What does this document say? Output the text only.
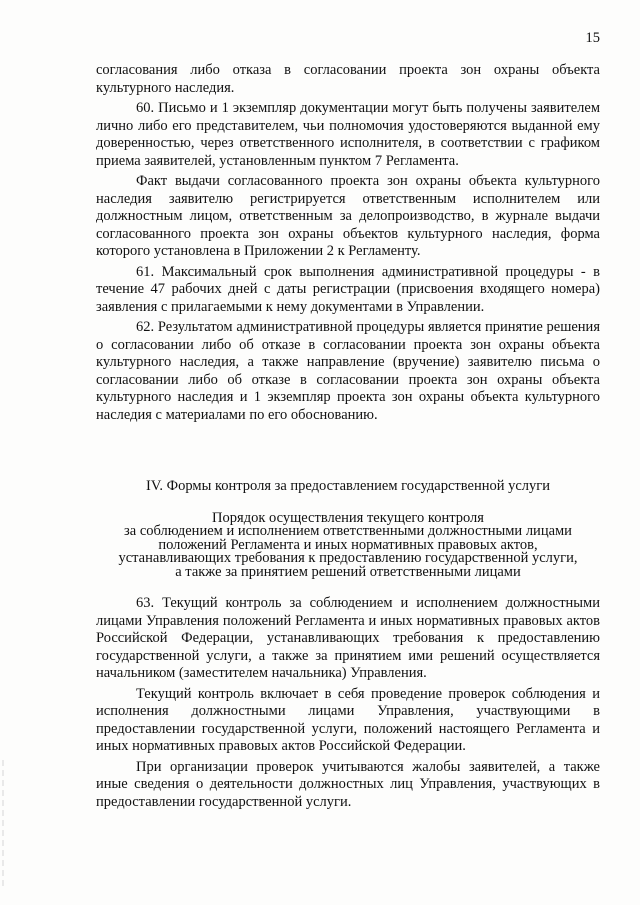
15

согласования либо отказа в согласовании проекта зон охраны объекта культурного наследия.

60. Письмо и 1 экземпляр документации могут быть получены заявителем лично либо его представителем, чьи полномочия удостоверяются выданной ему доверенностью, через ответственного исполнителя, в соответствии с графиком приема заявителей, установленным пунктом 7 Регламента.

Факт выдачи согласованного проекта зон охраны объекта культурного наследия заявителю регистрируется ответственным исполнителем или должностным лицом, ответственным за делопроизводство, в журнале выдачи согласованного проекта зон охраны объектов культурного наследия, форма которого установлена в Приложении 2 к Регламенту.

61. Максимальный срок выполнения административной процедуры - в течение 47 рабочих дней с даты регистрации (присвоения входящего номера) заявления с прилагаемыми к нему документами в Управлении.

62. Результатом административной процедуры является принятие решения о согласовании либо об отказе в согласовании проекта зон охраны объекта культурного наследия, а также направление (вручение) заявителю письма о согласовании либо об отказе в согласовании проекта зон охраны объекта культурного наследия и 1 экземпляр проекта зон охраны объекта культурного наследия с материалами по его обоснованию.

IV. Формы контроля за предоставлением государственной услуги

Порядок осуществления текущего контроля
за соблюдением и исполнением ответственными должностными лицами
положений Регламента и иных нормативных правовых актов,
устанавливающих требования к предоставлению государственной услуги,
а также за принятием решений ответственными лицами

63. Текущий контроль за соблюдением и исполнением должностными лицами Управления положений Регламента и иных нормативных правовых актов Российской Федерации, устанавливающих требования к предоставлению государственной услуги, а также за принятием ими решений осуществляется начальником (заместителем начальника) Управления.

Текущий контроль включает в себя проведение проверок соблюдения и исполнения должностными лицами Управления, участвующими в предоставлении государственной услуги, положений настоящего Регламента и иных нормативных правовых актов Российской Федерации.

При организации проверок учитываются жалобы заявителей, а также иные сведения о деятельности должностных лиц Управления, участвующих в предоставлении государственной услуги.
